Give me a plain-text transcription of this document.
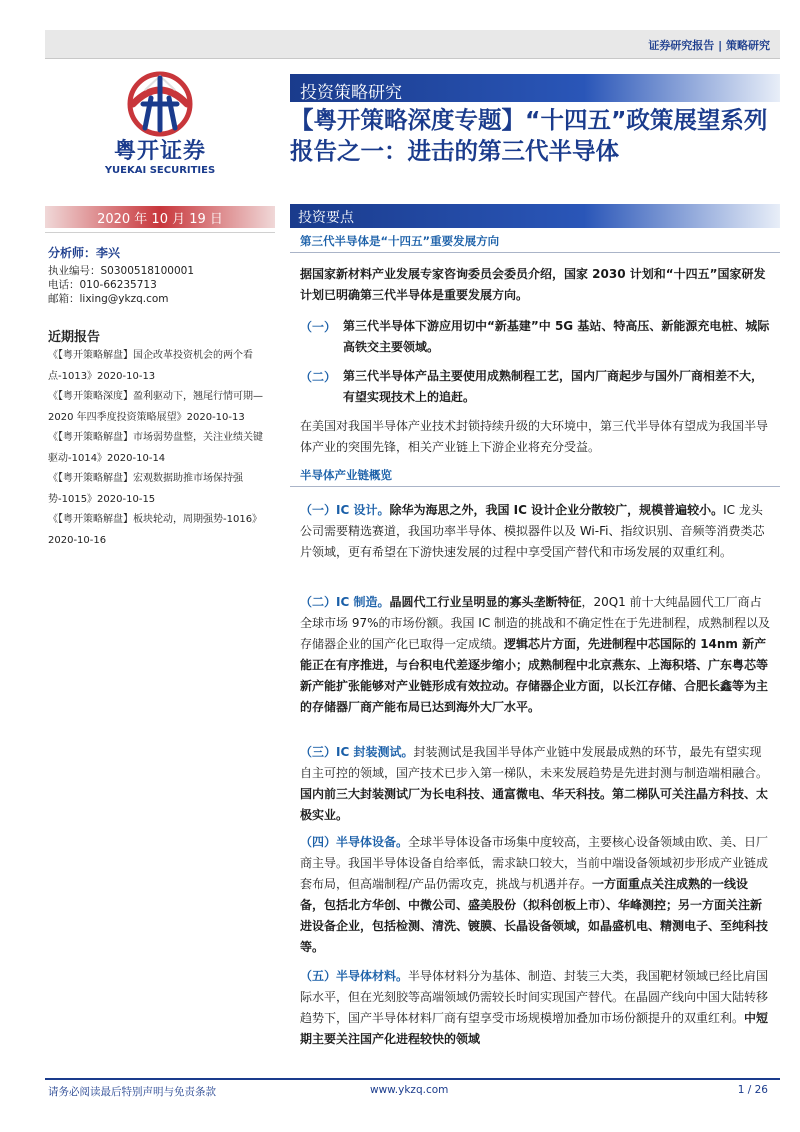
证券研究报告 | 策略研究
粤开证券
YUEKAI SECURITIES
投资策略研究
【粤开策略深度专题】“十四五”政策展望系列报告之一：进击的第三代半导体
2020 年 10 月 19 日
分析师：李兴
执业编号：S0300518100001
电话：010-66235713
邮箱：lixing@ykzq.com
近期报告
《【粤开策略解盘】国企改革投资机会的两个看点-1013》2020-10-13
《【粤开策略深度】盈利驱动下，翘尾行情可期—2020 年四季度投资策略展望》2020-10-13
《【粤开策略解盘】市场弱势盘整，关注业绩关键驱动-1014》2020-10-14
《【粤开策略解盘】宏观数据助推市场保持强势-1015》2020-10-15
《【粤开策略解盘】板块轮动，周期强势-1016》2020-10-16
投资要点
第三代半导体是“十四五”重要发展方向
据国家新材料产业发展专家咨询委员会委员介绍，国家 2030 计划和“十四五”国家研发计划已明确第三代半导体是重要发展方向。
（一） 第三代半导体下游应用切中“新基建”中 5G 基站、特高压、新能源充电桩、城际高铁交主要领域。
（二） 第三代半导体产品主要使用成熟制程工艺，国内厂商起步与国外厂商相差不大，有望实现技术上的追赶。
在美国对我国半导体产业技术封锁持续升级的大环境中，第三代半导体有望成为我国半导体产业的突围先锋，相关产业链上下游企业将充分受益。
半导体产业链概览
（一）IC 设计。除华为海思之外，我国 IC 设计企业分散较广，规模普遍较小。IC 龙头公司需要精选赛道，我国功率半导体、模拟器件以及 Wi-Fi、指纹识别、音频等消费类芯片领域，更有希望在下游快速发展的过程中享受国产替代和市场发展的双重红利。
（二）IC 制造。晶圆代工行业呈明显的寡头垄断特征，20Q1 前十大纯晶圆代工厂商占全球市场 97%的市场份额。我国 IC 制造的挑战和不确定性在于先进制程，成熟制程以及存储器企业的国产化已取得一定成绩。逻辑芯片方面，先进制程中芯国际的 14nm 新产能正在有序推进，与台积电代差逐步缩小；成熟制程中北京燕东、上海积塔、广东粤芯等新产能扩张能够对产业链形成有效拉动。存储器企业方面，以长江存储、合肥长鑫等为主的存储器厂商产能布局已达到海外大厂水平。
（三）IC 封装测试。封装测试是我国半导体产业链中发展最成熟的环节，最先有望实现自主可控的领域，国产技术已步入第一梯队，未来发展趋势是先进封测与制造端相融合。国内前三大封装测试厂为长电科技、通富微电、华天科技。第二梯队可关注晶方科技、太极实业。
（四）半导体设备。全球半导体设备市场集中度较高，主要核心设备领域由欧、美、日厂商主导。我国半导体设备自给率低，需求缺口较大，当前中端设备领域初步形成产业链成套布局，但高端制程/产品仍需攻克，挑战与机遇并存。一方面重点关注成熟的一线设备，包括北方华创、中微公司、盛美股份（拟科创板上市）、华峰测控；另一方面关注新进设备企业，包括检测、清洗、镀膜、长晶设备领域，如晶盛机电、精测电子、至纯科技等。
（五）半导体材料。半导体材料分为基体、制造、封装三大类，我国靶材领域已经比肩国际水平，但在光刻胶等高端领域仍需较长时间实现国产替代。在晶圆产线向中国大陆转移趋势下，国产半导体材料厂商有望享受市场规模增加叠加市场份额提升的双重红利。中短期主要关注国产化进程较快的领域
请务必阅读最后特别声明与免责条款	www.ykzq.com	1 / 26
